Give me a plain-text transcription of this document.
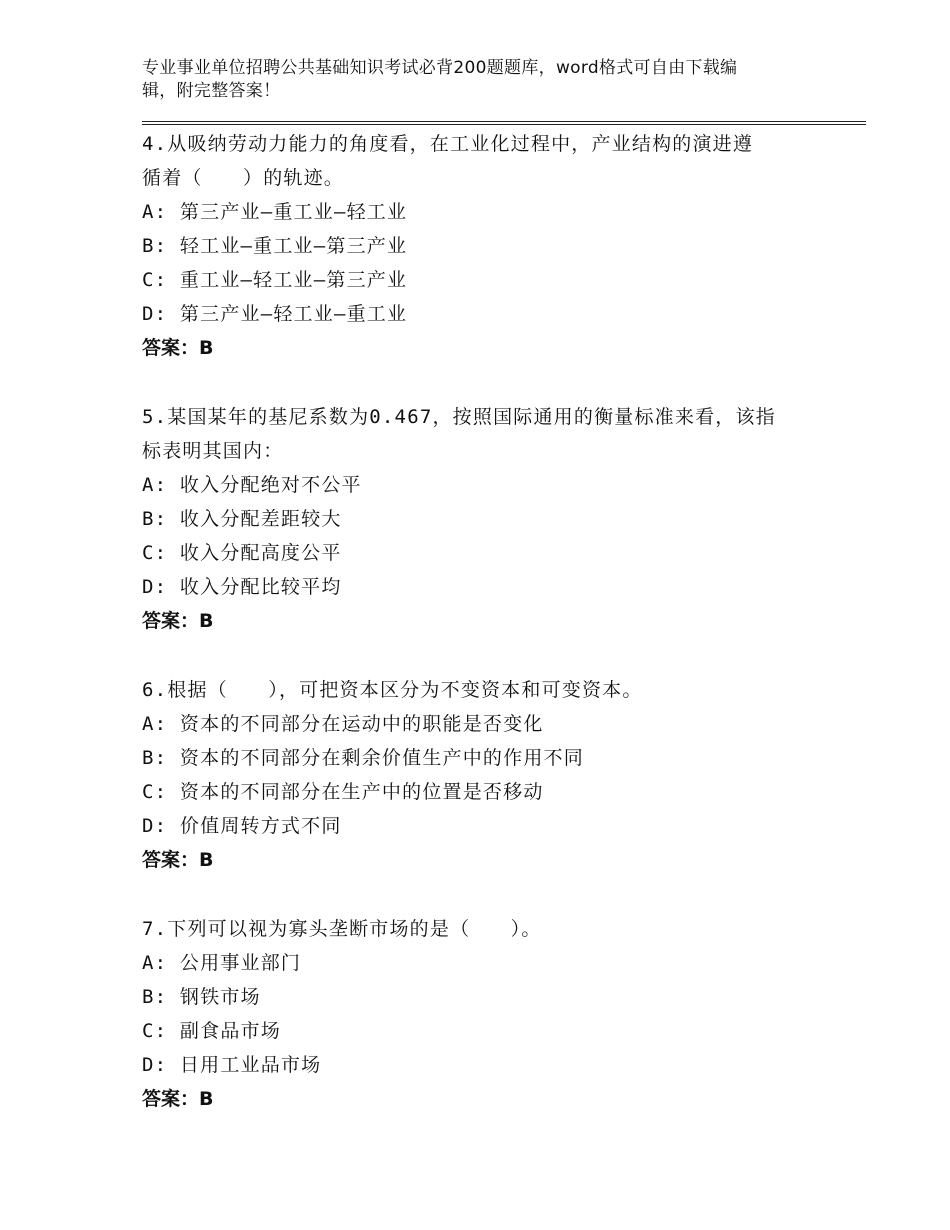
专业事业单位招聘公共基础知识考试必背200题题库，word格式可自由下载编
辑，附完整答案！

4.从吸纳劳动力能力的角度看，在工业化过程中，产业结构的演进遵

循着（　　）的轨迹。

A: 第三产业—重工业—轻工业

B: 轻工业—重工业—第三产业

C: 重工业—轻工业—第三产业

D: 第三产业—轻工业—重工业

答案：B

5.某国某年的基尼系数为0.467，按照国际通用的衡量标准来看，该指

标表明其国内：

A: 收入分配绝对不公平

B: 收入分配差距较大

C: 收入分配高度公平

D: 收入分配比较平均

答案：B

6.根据（　　），可把资本区分为不变资本和可变资本。

A: 资本的不同部分在运动中的职能是否变化

B: 资本的不同部分在剩余价值生产中的作用不同

C: 资本的不同部分在生产中的位置是否移动

D: 价值周转方式不同

答案：B

7.下列可以视为寡头垄断市场的是（　　）。

A: 公用事业部门

B: 钢铁市场

C: 副食品市场

D: 日用工业品市场

答案：B
